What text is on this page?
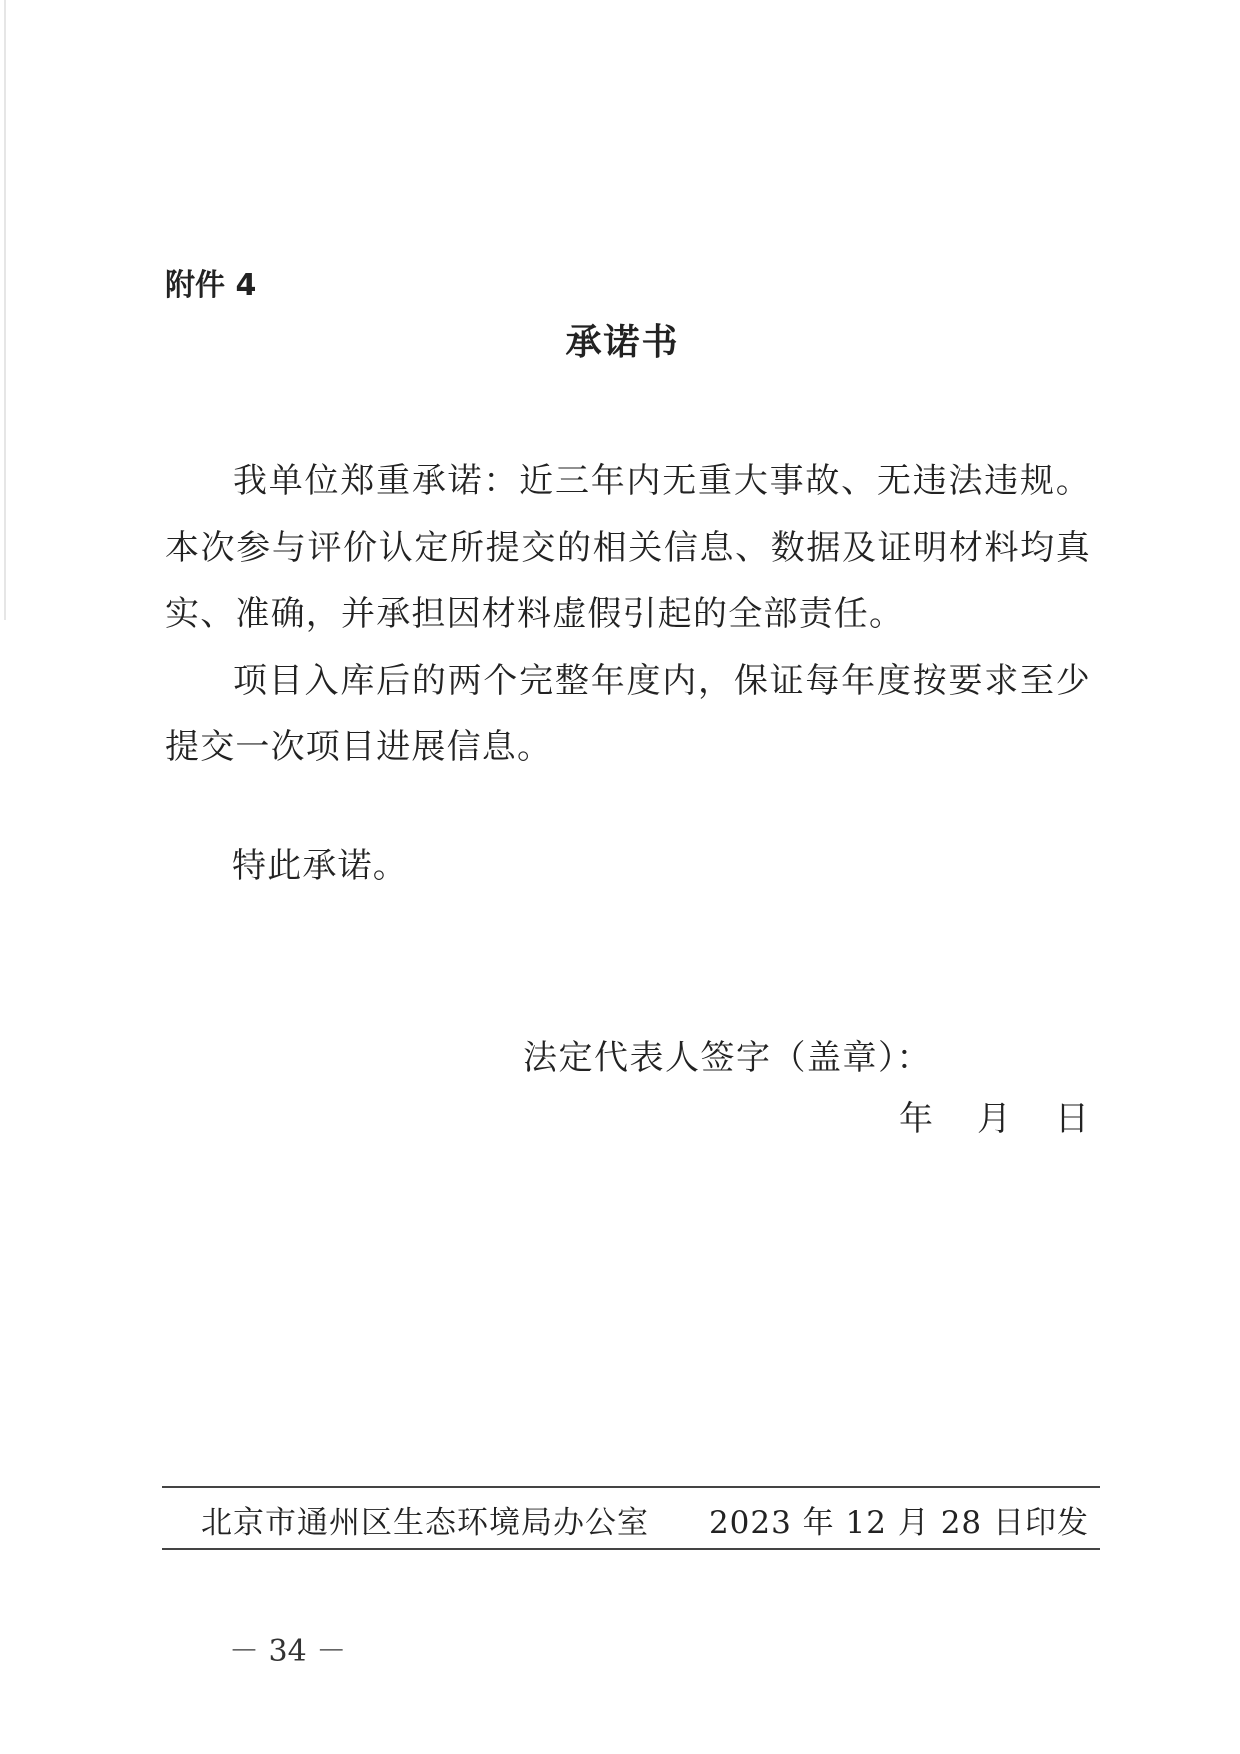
附件 4
承诺书

我单位郑重承诺：近三年内无重大事故、无违法违规。本次参与评价认定所提交的相关信息、数据及证明材料均真实、准确，并承担因材料虚假引起的全部责任。

项目入库后的两个完整年度内，保证每年度按要求至少提交一次项目进展信息。

特此承诺。
法定代表人签字（盖章）：
年 月 日
北京市通州区生态环境局办公室 2023 年 12 月 28 日印发
－ 34 －
